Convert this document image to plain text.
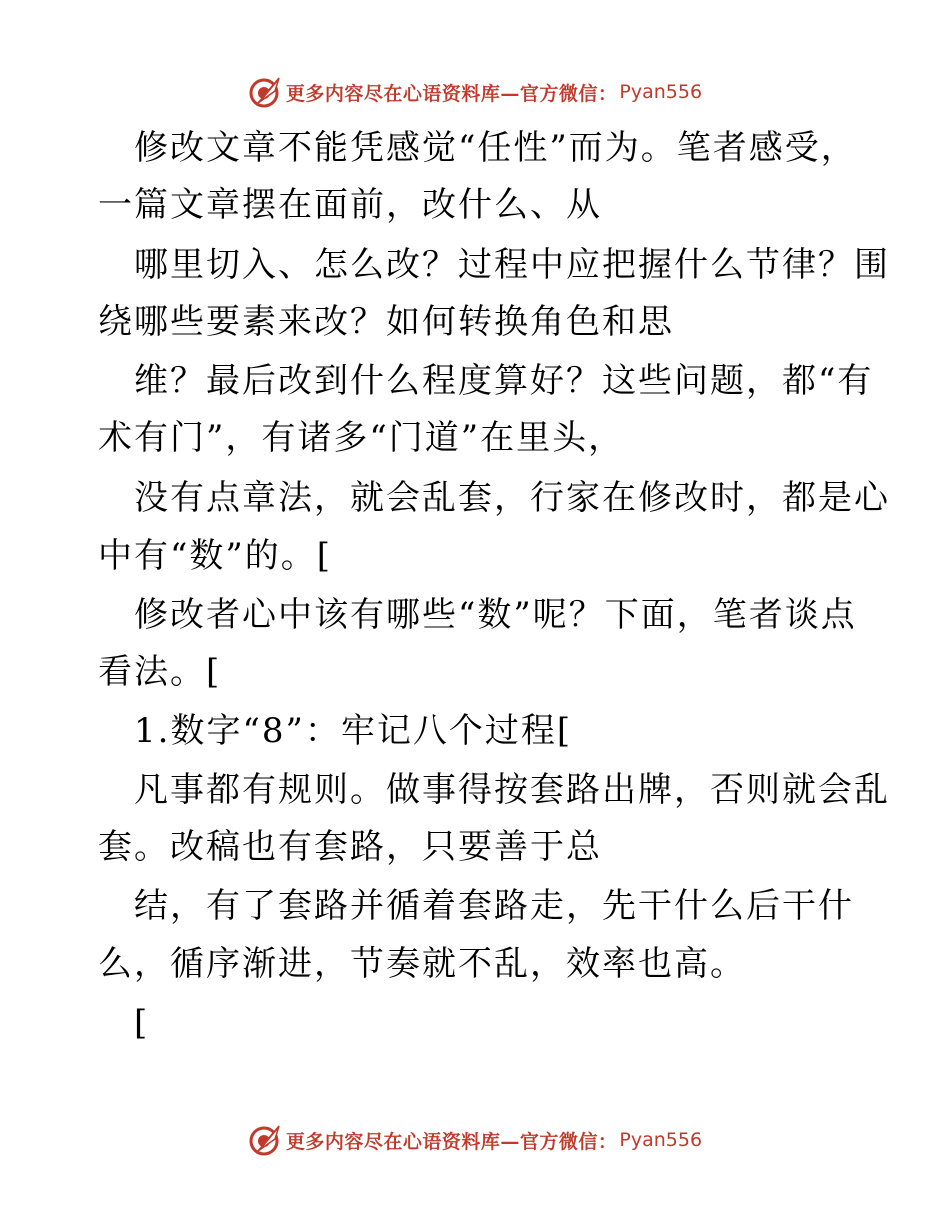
更多内容尽在心语资料库—官方微信： Pyan556
修改文章不能凭感觉“任性”而为。笔者感受，
一篇文章摆在面前，改什么、从
哪里切入、怎么改？过程中应把握什么节律？围
绕哪些要素来改？如何转换角色和思
维？最后改到什么程度算好？这些问题，都“有
术有门”，有诸多“门道”在里头，
没有点章法，就会乱套，行家在修改时，都是心
中有“数”的。[
修改者心中该有哪些“数”呢？下面，笔者谈点
看法。[
1.数字“8”：牢记八个过程[
凡事都有规则。做事得按套路出牌，否则就会乱
套。改稿也有套路，只要善于总
结，有了套路并循着套路走，先干什么后干什
么，循序渐进，节奏就不乱，效率也高。
[
更多内容尽在心语资料库—官方微信： Pyan556
